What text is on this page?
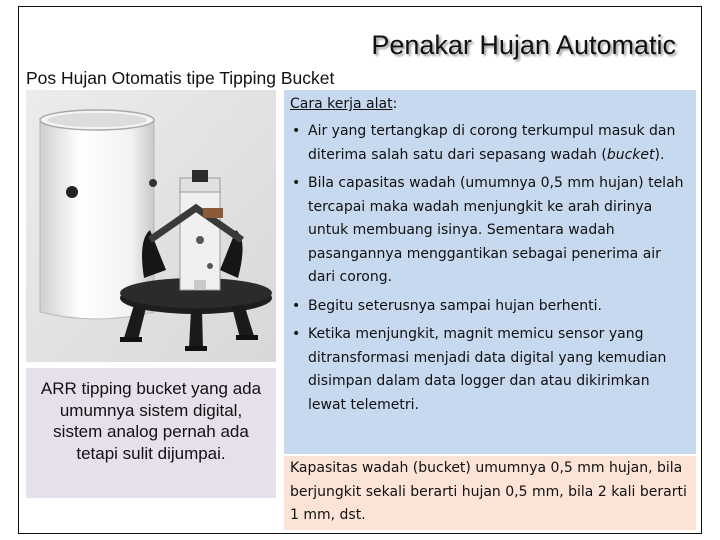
Penakar Hujan Automatic
Pos Hujan Otomatis tipe Tipping Bucket
ARR tipping bucket yang ada umumnya sistem digital, sistem analog pernah ada tetapi sulit dijumpai.
Cara kerja alat:
• Air yang tertangkap di corong terkumpul masuk dan diterima salah satu dari sepasang wadah (bucket).
• Bila capasitas wadah (umumnya 0,5 mm hujan) telah tercapai maka wadah menjungkit ke arah dirinya untuk membuang isinya. Sementara wadah pasangannya menggantikan sebagai penerima air dari corong.
• Begitu seterusnya sampai hujan berhenti.
• Ketika menjungkit, magnit memicu sensor yang ditransformasi menjadi data digital yang kemudian disimpan dalam data logger dan atau dikirimkan lewat telemetri.
Kapasitas wadah (bucket) umumnya 0,5 mm hujan, bila berjungkit sekali berarti hujan 0,5 mm, bila 2 kali berarti 1 mm, dst.
